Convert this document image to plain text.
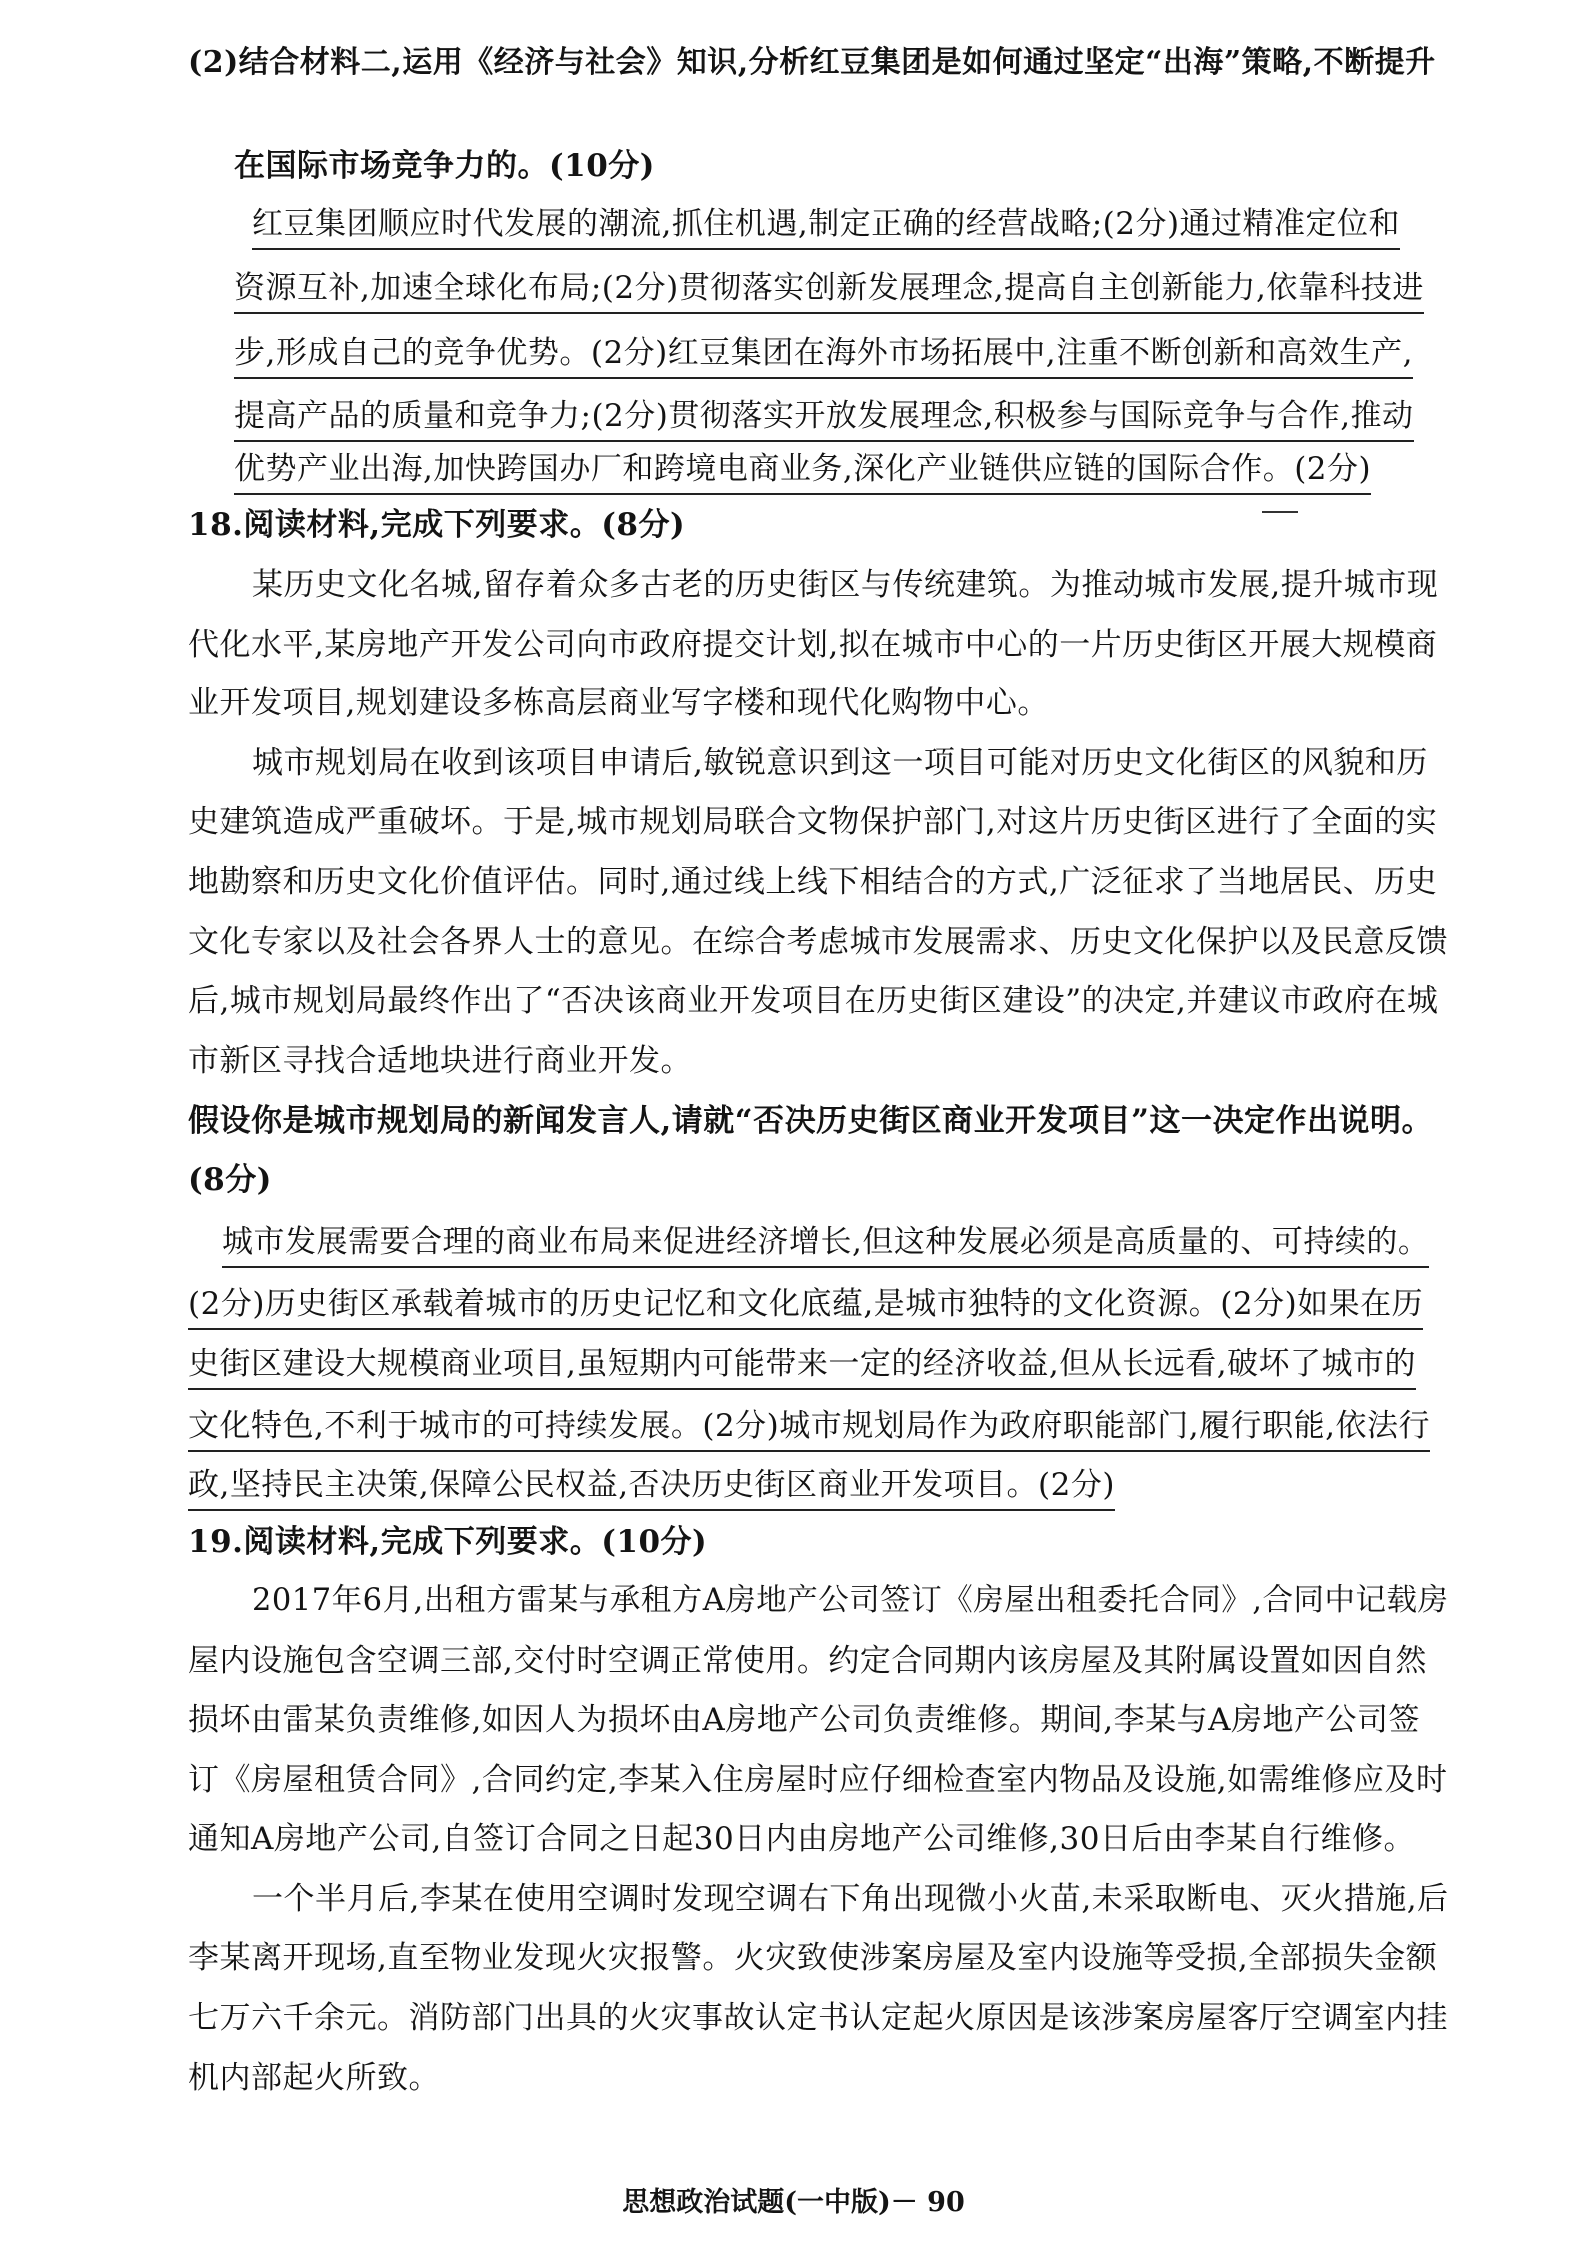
(2)结合材料二,运用《经济与社会》知识,分析红豆集团是如何通过坚定“出海”策略,不断提升
在国际市场竞争力的。(10分)
红豆集团顺应时代发展的潮流,抓住机遇,制定正确的经营战略;(2分)通过精准定位和
资源互补,加速全球化布局;(2分)贯彻落实创新发展理念,提高自主创新能力,依靠科技进
步,形成自己的竞争优势。(2分)红豆集团在海外市场拓展中,注重不断创新和高效生产,
提高产品的质量和竞争力;(2分)贯彻落实开放发展理念,积极参与国际竞争与合作,推动
优势产业出海,加快跨国办厂和跨境电商业务,深化产业链供应链的国际合作。(2分)
18.阅读材料,完成下列要求。(8分)
某历史文化名城,留存着众多古老的历史街区与传统建筑。为推动城市发展,提升城市现
代化水平,某房地产开发公司向市政府提交计划,拟在城市中心的一片历史街区开展大规模商
业开发项目,规划建设多栋高层商业写字楼和现代化购物中心。
城市规划局在收到该项目申请后,敏锐意识到这一项目可能对历史文化街区的风貌和历
史建筑造成严重破坏。于是,城市规划局联合文物保护部门,对这片历史街区进行了全面的实
地勘察和历史文化价值评估。同时,通过线上线下相结合的方式,广泛征求了当地居民、历史
文化专家以及社会各界人士的意见。在综合考虑城市发展需求、历史文化保护以及民意反馈
后,城市规划局最终作出了“否决该商业开发项目在历史街区建设”的决定,并建议市政府在城
市新区寻找合适地块进行商业开发。
假设你是城市规划局的新闻发言人,请就“否决历史街区商业开发项目”这一决定作出说明。
(8分)
城市发展需要合理的商业布局来促进经济增长,但这种发展必须是高质量的、可持续的。
(2分)历史街区承载着城市的历史记忆和文化底蕴,是城市独特的文化资源。(2分)如果在历
史街区建设大规模商业项目,虽短期内可能带来一定的经济收益,但从长远看,破坏了城市的
文化特色,不利于城市的可持续发展。(2分)城市规划局作为政府职能部门,履行职能,依法行
政,坚持民主决策,保障公民权益,否决历史街区商业开发项目。(2分)
19.阅读材料,完成下列要求。(10分)
2017年6月,出租方雷某与承租方A房地产公司签订《房屋出租委托合同》,合同中记载房
屋内设施包含空调三部,交付时空调正常使用。约定合同期内该房屋及其附属设置如因自然
损坏由雷某负责维修,如因人为损坏由A房地产公司负责维修。期间,李某与A房地产公司签
订《房屋租赁合同》,合同约定,李某入住房屋时应仔细检查室内物品及设施,如需维修应及时
通知A房地产公司,自签订合同之日起30日内由房地产公司维修,30日后由李某自行维修。
一个半月后,李某在使用空调时发现空调右下角出现微小火苗,未采取断电、灭火措施,后
李某离开现场,直至物业发现火灾报警。火灾致使涉案房屋及室内设施等受损,全部损失金额
七万六千余元。消防部门出具的火灾事故认定书认定起火原因是该涉案房屋客厅空调室内挂
机内部起火所致。
思想政治试题(一中版)－ 90
